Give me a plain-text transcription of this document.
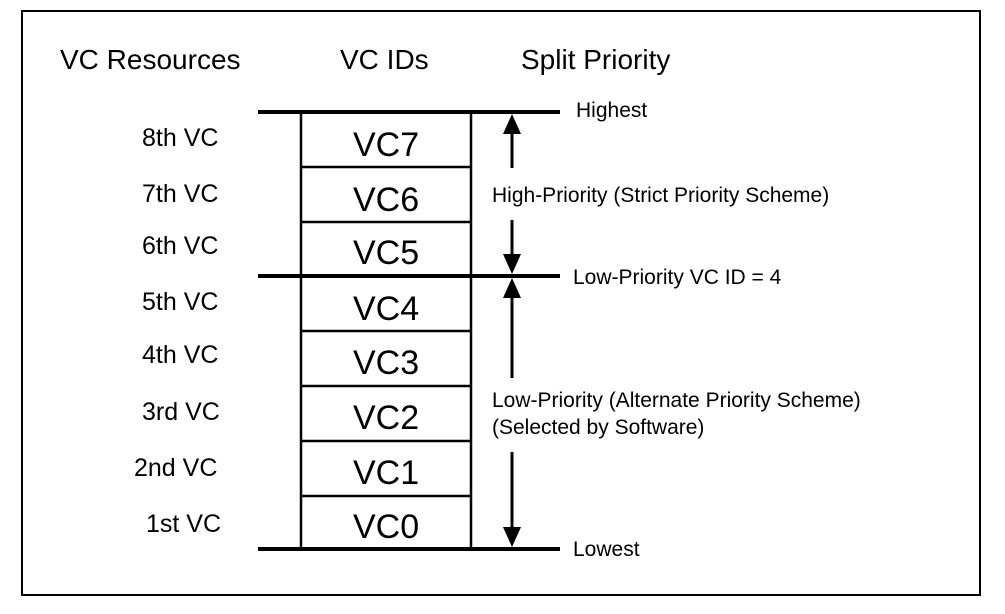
VC Resources	VC IDs	Split Priority
8th VC
7th VC
6th VC
5th VC
4th VC
3rd VC
2nd VC
1st VC
VC7
VC6
VC5
VC4
VC3
VC2
VC1
VC0
Highest
High-Priority (Strict Priority Scheme)
Low-Priority VC ID = 4
Low-Priority (Alternate Priority Scheme)
(Selected by Software)
Lowest
